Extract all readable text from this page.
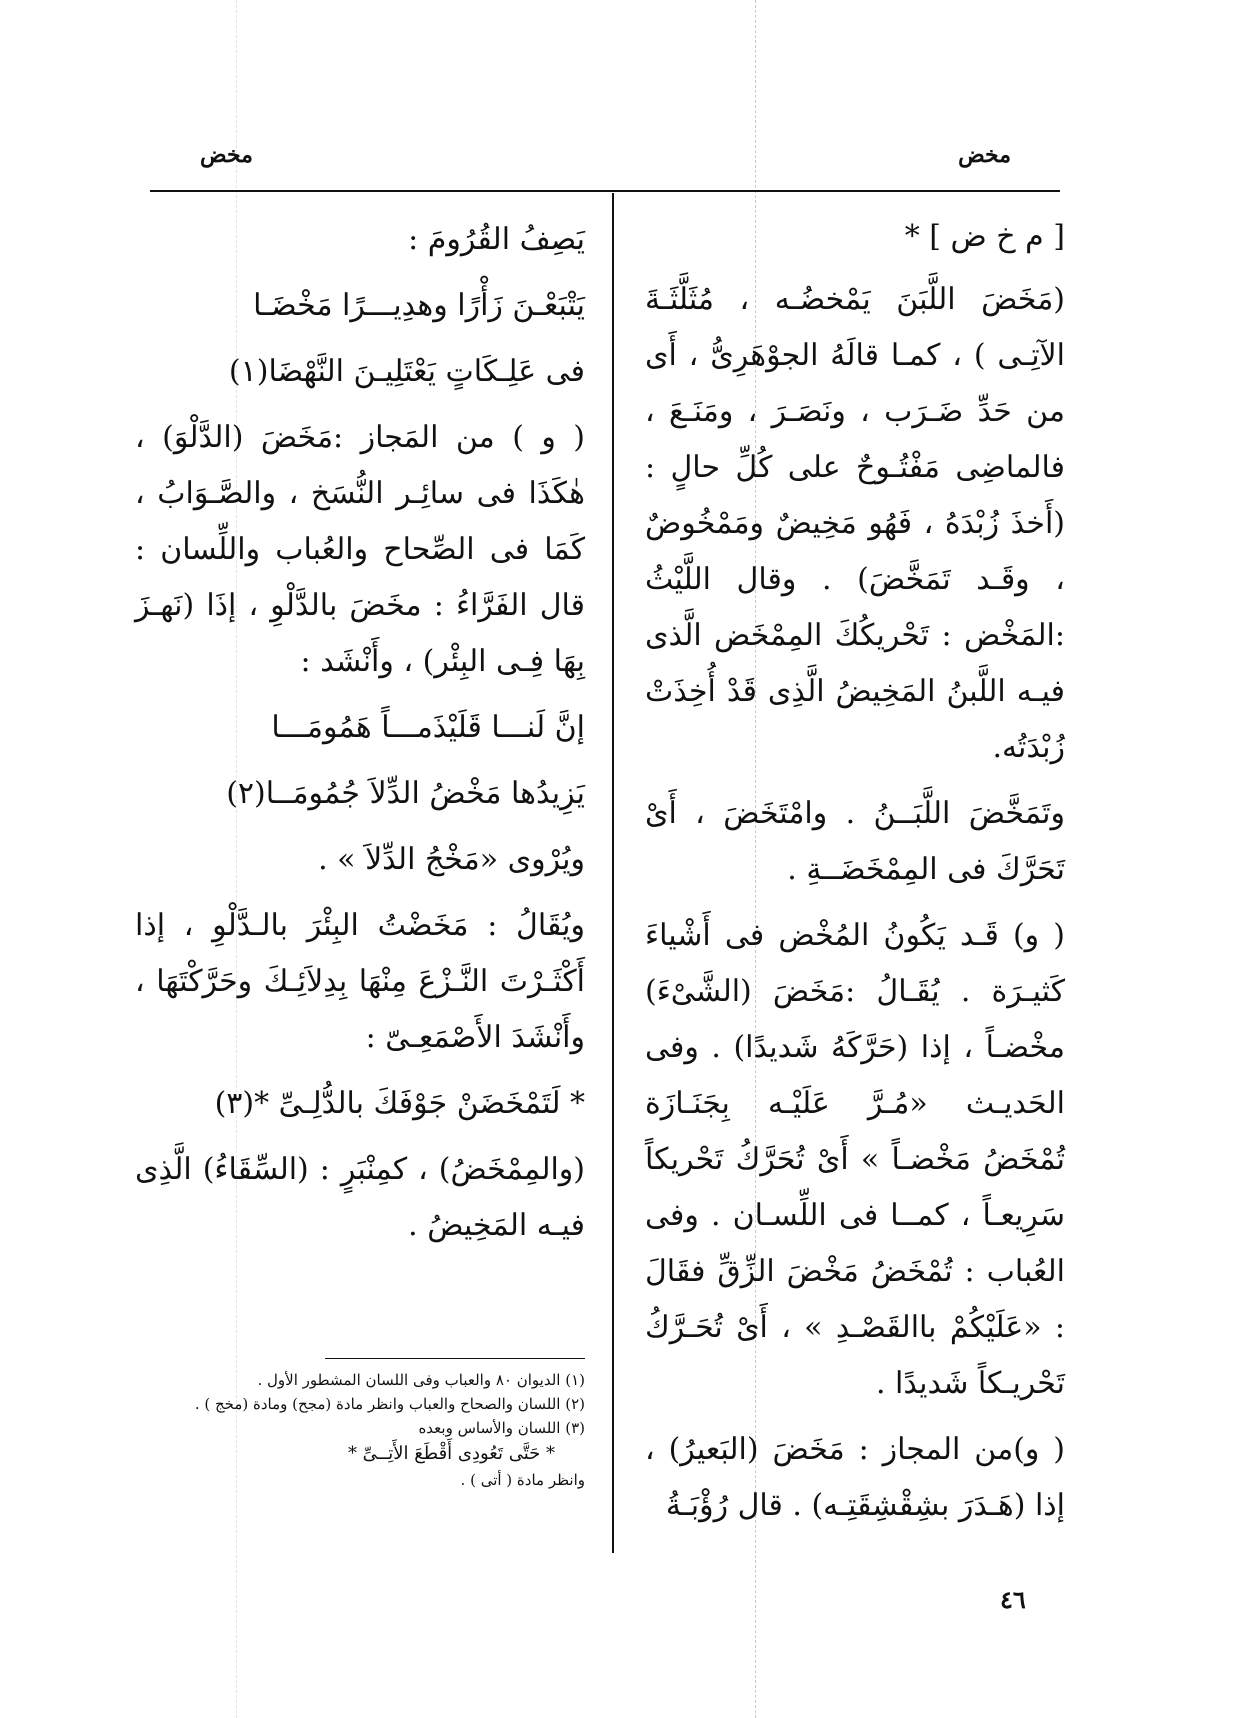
مخض
مخض
[ م خ ض ] *

(مَخَضَ اللَّبَنَ يَمْخضُـه ، مُثَلَّثَـةَ الآتِـى ) ، كمـا قالَهُ الجوْهَرِىُّ ، أَى من حَدِّ ضَـرَب ، ونَصَـرَ ، ومَنَـعَ ، فالماضِى مَفْتُـوحٌ على كُلِّ حالٍ : (أَخذَ زُبْدَهُ ، فَهُو مَخِيضٌ ومَمْخُوضٌ ، وقَـد تَمَخَّضَ) . وقال اللَّيْثُ :المَخْض : تَحْريكُكَ المِمْخَض الَّذى فيـه اللَّبنُ المَخِيضُ الَّذِى قَدْ أُخِذَتْ زُبْدَتُه.

وتَمَخَّضَ اللَّبَــنُ . وامْتَخَضَ ، أَىْ تَحَرَّكَ فى المِمْخَضَــةِ .

( و) قَـد يَكُونُ المُخْض فى أَشْياءَ كَثيـرَة . يُقَـالُ :مَخَضَ (الشَّىْءَ) مخْضـاً ، إذا (حَرَّكَهُ شَديدًا) . وفى الحَديـث «مُـرَّ عَلَيْـه بِجَنَـازَة تُمْخَضُ مَخْضـاً » أَىْ تُحَرَّكُ تَحْريكاً سَرِيعـاً ، كمــا فى اللِّسـان . وفى العُباب : تُمْخَضُ مَخْضَ الزِّقِّ فقَالَ : «عَلَيْكُمْ باالقَصْـدِ » ، أَىْ تُحَـرَّكُ تَحْريـكاً شَديدًا .

( و)من المجاز : مَخَضَ (البَعيرُ) ، إذا (هَـدَرَ بشِقْشِقَتِـه) . قال رُؤْبَـةُ

يَصِفُ القُرُومَ :

يَتْبَعْـنَ زَأْرًا وهدِيـــرًا مَخْضَـا
فى عَلِـكَاتٍ يَعْتَلِيـنَ النَّهْضَا(١)

( و ) من المَجاز :مَخَضَ (الدَّلْوَ) ، هٰكَذَا فى سائِـر النُّسَخ ، والصَّـوَابُ ، كَمَا فى الصِّحاح والعُباب واللِّسان : قال الفَرَّاءُ : مخَضَ بالدَّلْوِ ، إذَا (نَهـزَ بِهَا فِـى البِئْر) ، وأَنْشَد :

إنَّ لَنـــا قَلَيْذَمـــاً هَمُومَـــا
يَزِيدُها مَخْضُ الدِّلاَ جُمُومَــا(٢)

ويُرْوى «مَخْجُ الدِّلاَ » .

ويُقَالُ : مَخَضْتُ البِئْرَ بالـدَّلْوِ ، إذا أَكْثَـرْتَ النَّـزْعَ مِنْهَا بِدِلاَئِـكَ وحَرَّكْتَهَا ، وأَنْشَدَ الأَصْمَعِـىّ :

* لَتَمْخَضَنْ جَوْفَكَ بالدُّلِـىِّ *(٣)

(والمِمْخَضُ) ، كمِنْبَرٍ : (السِّقَاءُ) الَّذِى فيـه المَخِيضُ .

(١) الديوان ٨٠ والعباب وفى اللسان المشطور الأول .
(٢) اللسان والصحاح والعباب وانظر مادة (مجح) ومادة (مخج ) .
(٣) اللسان والأساس وبعده
* حَتَّى تَعُودِى أَقْطَعَ الأَتِــىِّ *
وانظر مادة ( أتى ) .
٤٦
